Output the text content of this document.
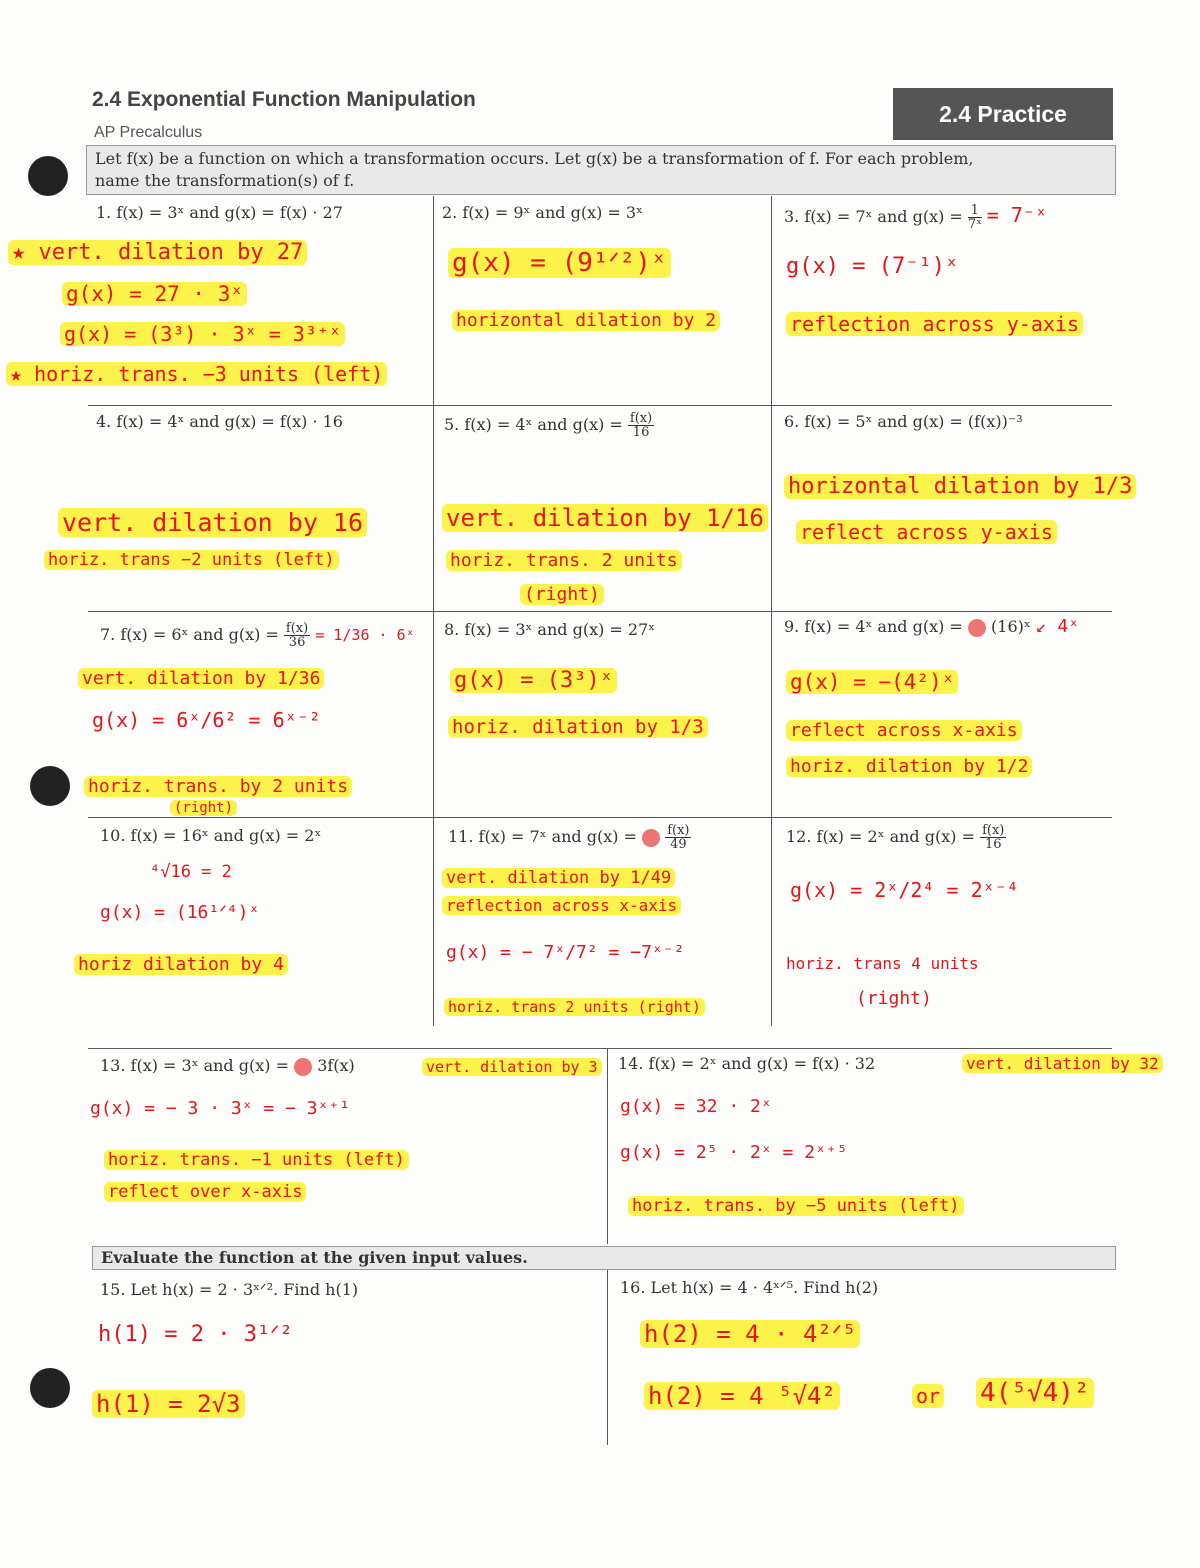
2.4 Exponential Function Manipulation
AP Precalculus
2.4 Practice
Let f(x) be a function on which a transformation occurs. Let g(x) be a transformation of f. For each problem,
name the transformation(s) of f.
1. f(x) = 3ˣ and g(x) = f(x) · 27
★ vert. dilation by 27
g(x) = 27 · 3ˣ
g(x) = (3³) · 3ˣ = 3³⁺ˣ
★ horiz. trans. −3 units (left)
2. f(x) = 9ˣ and g(x) = 3ˣ
g(x) = (9¹ᐟ²)ˣ
horizontal dilation by 2
3. f(x) = 7ˣ and $g(x) = \frac{1}{\text{7ˣ}}$ = 7⁻ˣ
g(x) = (7⁻¹)ˣ
reflection across y-axis
4. f(x) = 4ˣ and g(x) = f(x) · 16
vert. dilation by 16
horiz. trans −2 units (left)
5. f(x) = 4ˣ and $g(x) = \frac{f(x)}{16}$
vert. dilation by 1/16
horiz. trans. 2 units
(right)
6. f(x) = 5ˣ and g(x) = (f(x))⁻³
horizontal dilation by 1/3
reflect across y-axis
7. f(x) = 6ˣ and $g(x) = \frac{f(x)}{36} = 1/36$ · 6ˣ
vert. dilation by 1/36
g(x) = 6ˣ/6² = 6ˣ⁻²
horiz. trans. by 2 units
(right)
8. f(x) = 3ˣ and g(x) = 27ˣ
g(x) = (3³)ˣ
horiz. dilation by 1/3
9. f(x) = 4ˣ and g(x) = (16)ˣ ↙ 4ˣ
g(x) = −(4²)ˣ
reflect across x-axis
horiz. dilation by 1/2
10. f(x) = 16ˣ and g(x) = 2ˣ
⁴√16 = 2
g(x) = (16¹ᐟ⁴)ˣ
horiz dilation by 4
11. f(x) = 7ˣ and $g(x) = \frac{f(x)}{49}$
vert. dilation by 1/49
reflection across x-axis
g(x) = − 7ˣ/7² = −7ˣ⁻²
horiz. trans 2 units (right)
12. f(x) = 2ˣ and $g(x) = \frac{f(x)}{16}$
g(x) = 2ˣ/2⁴ = 2ˣ⁻⁴
horiz. trans 4 units
(right)
13. f(x) = 3ˣ and g(x) = 3f(x)	vert. dilation by 3
g(x) = − 3 · 3ˣ = − 3ˣ⁺¹
horiz. trans. −1 units (left)
reflect over x-axis
14. f(x) = 2ˣ and g(x) = f(x) · 32	vert. dilation by 32
g(x) = 32 · 2ˣ
g(x) = 2⁵ · 2ˣ = 2ˣ⁺⁵
horiz. trans. by −5 units (left)
Evaluate the function at the given input values.
15. Let h(x) = 2 · 3ˣᐟ². Find h(1)
h(1) = 2 · 3¹ᐟ²
h(1) = 2√3
16. Let h(x) = 4 · 4ˣᐟ⁵. Find h(2)
h(2) = 4 · 4²ᐟ⁵
h(2) = 4 ⁵√4²	or 4(⁵√4)²
